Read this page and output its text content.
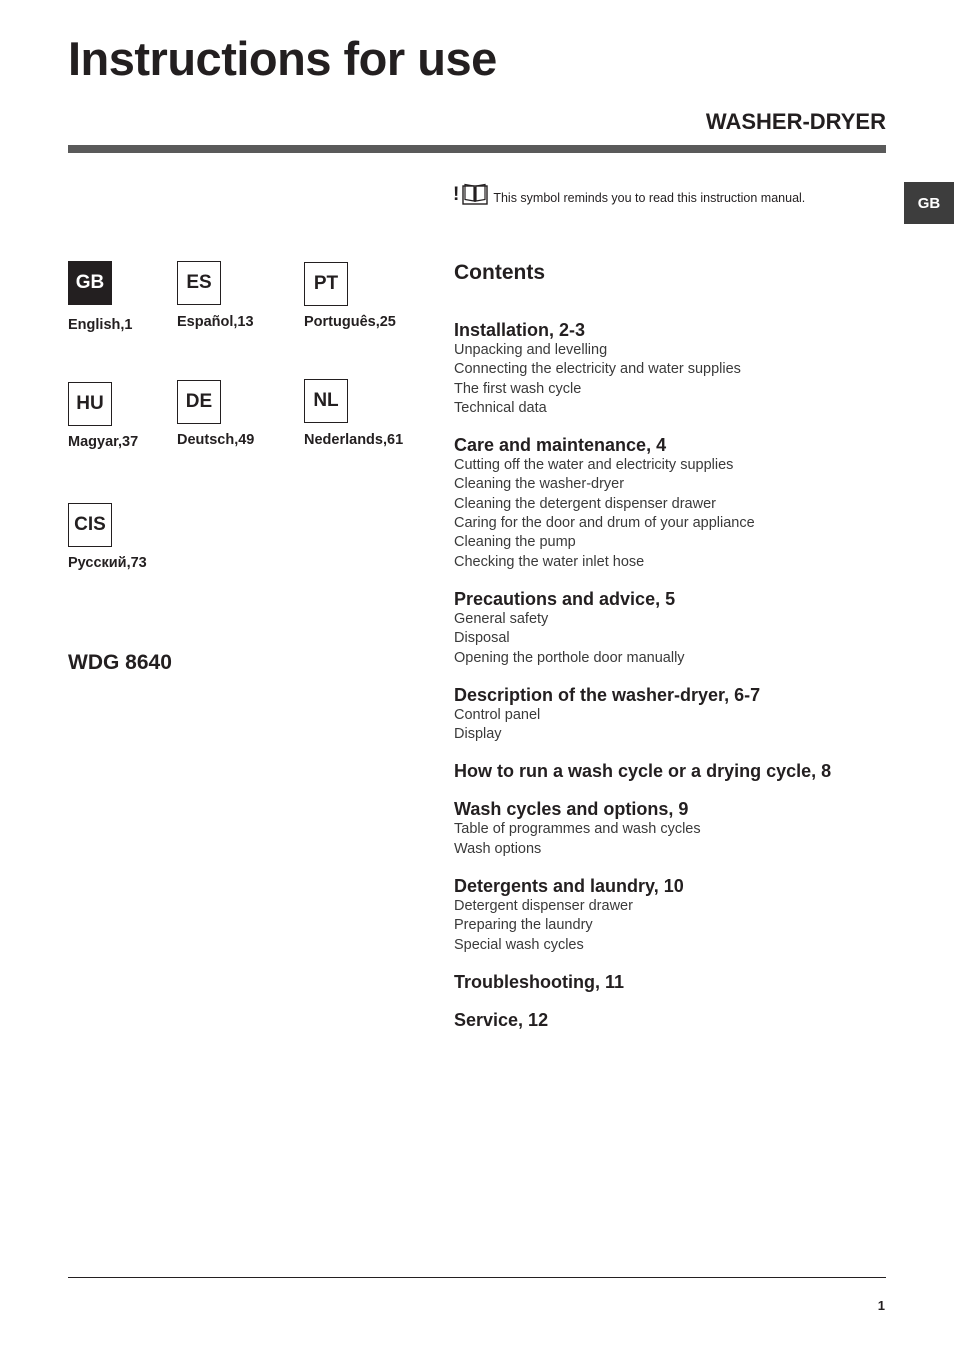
Instructions for use
WASHER-DRYER
GB
!	This symbol reminds you to read this instruction manual.
GB
English,1
ES
Español,13
PT
Português,25
HU
Magyar,37
DE
Deutsch,49
NL
Nederlands,61
CIS
Русский,73
WDG 8640
Contents
Installation, 2-3
Unpacking and levelling
Connecting the electricity and water supplies
The first wash cycle
Technical data
Care and maintenance, 4
Cutting off the water and electricity supplies
Cleaning the washer-dryer
Cleaning the detergent dispenser drawer
Caring for the door and drum of your appliance
Cleaning the pump
Checking the water inlet hose
Precautions and advice, 5
General safety
Disposal
Opening the porthole door manually
Description of the washer-dryer, 6-7
Control panel
Display
How to run a wash cycle or a drying cycle, 8
Wash cycles and options, 9
Table of programmes and wash cycles
Wash options
Detergents and laundry, 10
Detergent dispenser drawer
Preparing the laundry
Special wash cycles
Troubleshooting, 11
Service, 12
1
